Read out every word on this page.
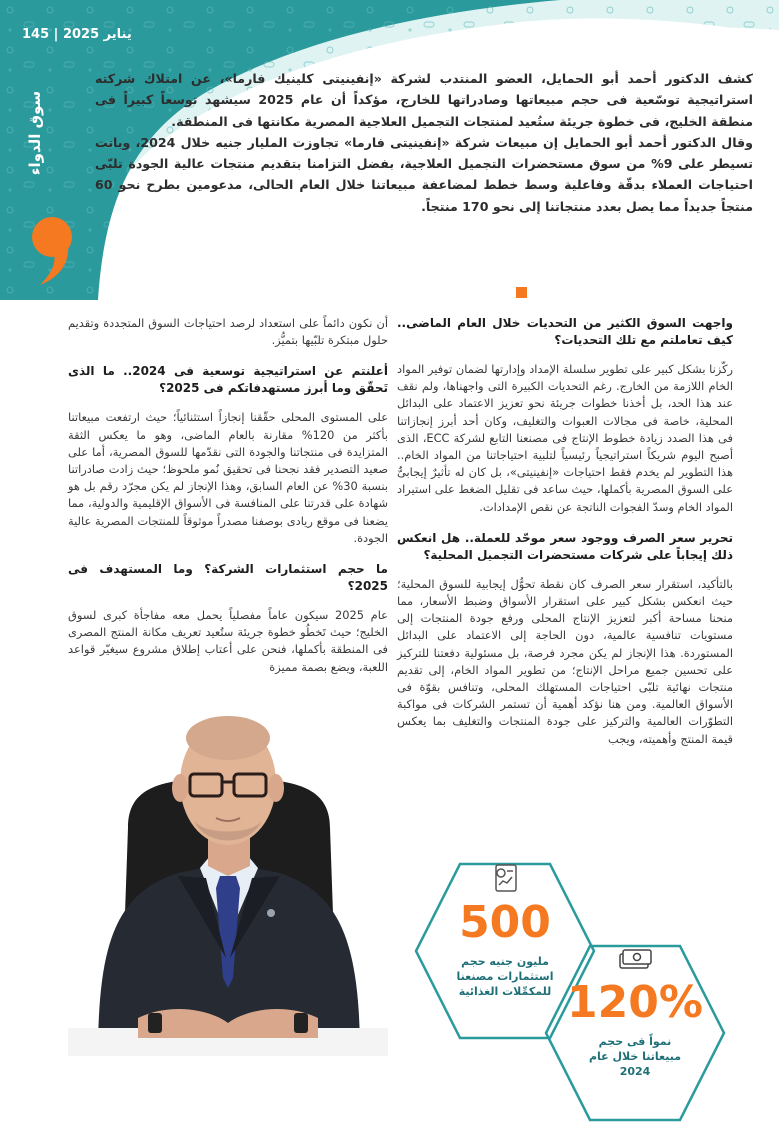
145 | يناير 2025
سوق الدواء

كشف الدكتور أحمد أبو الحمايل، العضو المنتدب لشركة «إنفينيتى كلينيك فارما»، عن امتلاك شركته استراتيجية توسّعية فى حجم مبيعاتها وصادراتها للخارج، مؤكداً أن عام 2025 سيشهد توسعاً كبيراً فى منطقة الخليج، فى خطوة جريئة ستُعيد لمنتجات التجميل العلاجية المصرية مكانتها فى المنطقة.

وقال الدكتور أحمد أبو الحمايل إن مبيعات شركة «إنفينيتى فارما» تجاوزت المليار جنيه خلال 2024، وباتت تسيطر على 9% من سوق مستحضرات التجميل العلاجية، بفضل التزامنا بتقديم منتجات عالية الجودة تلبّى احتياجات العملاء بدقّة وفاعلية وسط خطط لمضاعفة مبيعاتنا خلال العام الحالى، مدعومين بطرح نحو 60 منتجاً جديداً مما يصل بعدد منتجاتنا إلى نحو 170 منتجاً.

واجهت السوق الكثير من التحديات خلال العام الماضى.. كيف تعاملتم مع تلك التحديات؟

ركّزنا بشكل كبير على تطوير سلسلة الإمداد وإدارتها لضمان توفير المواد الخام اللازمة من الخارج. رغم التحديات الكبيرة التى واجهناها، ولم نقف عند هذا الحد، بل أخذنا خطوات جريئة نحو تعزيز الاعتماد على البدائل المحلية، خاصة فى مجالات العبوات والتغليف، وكان أحد أبرز إنجازاتنا فى هذا الصدد زيادة خطوط الإنتاج فى مصنعنا التابع لشركة ECC، الذى أصبح اليوم شريكاً استراتيجياً رئيسياً لتلبية احتياجاتنا من المواد الخام.. هذا التطوير لم يخدم فقط احتياجات «إنفينيتى»، بل كان له تأثيرٌ إيجابىٌّ على السوق المصرية بأكملها، حيث ساعد فى تقليل الضغط على استيراد المواد الخام وسدّ الفجوات الناتجة عن نقص الإمدادات.

تحرير سعر الصرف ووجود سعر موحّد للعملة.. هل انعكس ذلك إيجاباً على شركات مستحضرات التجميل المحلية؟

بالتأكيد، استقرار سعر الصرف كان نقطة تحوُّل إيجابية للسوق المحلية؛ حيث انعكس بشكل كبير على استقرار الأسواق وضبط الأسعار، مما منحنا مساحة أكبر لتعزيز الإنتاج المحلى ورفع جودة المنتجات إلى مستويات تنافسية عالمية، دون الحاجة إلى الاعتماد على البدائل المستوردة. هذا الإنجاز لم يكن مجرد فرصة، بل مسئولية دفعتنا للتركيز على تحسين جميع مراحل الإنتاج؛ من تطوير المواد الخام، إلى تقديم منتجات نهائية تلبّى احتياجات المستهلك المحلى، وتنافس بقوّة فى الأسواق العالمية. ومن هنا نؤكد أهمية أن تستمر الشركات فى مواكبة التطوّرات العالمية والتركيز على جودة المنتجات والتغليف بما يعكس قيمة المنتج وأهميته، ويجب

أن نكون دائماً على استعداد لرصد احتياجات السوق المتجددة وتقديم حلول مبتكرة تلبّيها بتميُّز.

أعلنتم عن استراتيجية توسعية فى 2024.. ما الذى تَحقّق وما أبرز مستهدفاتكم فى 2025؟

على المستوى المحلى حقّقنا إنجازاً استثنائياً؛ حيث ارتفعت مبيعاتنا بأكثر من 120% مقارنة بالعام الماضى، وهو ما يعكس الثقة المتزايدة فى منتجاتنا والجودة التى نقدّمها للسوق المصرية، أما على صعيد التصدير فقد نجحنا فى تحقيق نُمو ملحوظ؛ حيث زادت صادراتنا بنسبة 30% عن العام السابق، وهذا الإنجاز لم يكن مجرّد رقم بل هو شهادة على قدرتنا على المنافسة فى الأسواق الإقليمية والدولية، مما يضعنا فى موقع ريادى بوصفنا مصدراً موثوقاً للمنتجات المصرية عالية الجودة.

ما حجم استثمارات الشركة؟ وما المستهدف فى 2025؟

عام 2025 سيكون عاماً مفصلياً يحمل معه مفاجأة كبرى لسوق الخليج؛ حيث تَخطُو خطوة جريئة ستُعيد تعريف مكانة المنتج المصرى فى المنطقة بأكملها، فنحن على أعتاب إطلاق مشروع سيغيّر قواعد اللعبة، ويضع بصمة مميزة

500
مليون جنيه حجم استثمارات مصنعنا للمكمِّلات الغذائية 120%
نمواً فى حجم مبيعاتنا خلال عام 2024
